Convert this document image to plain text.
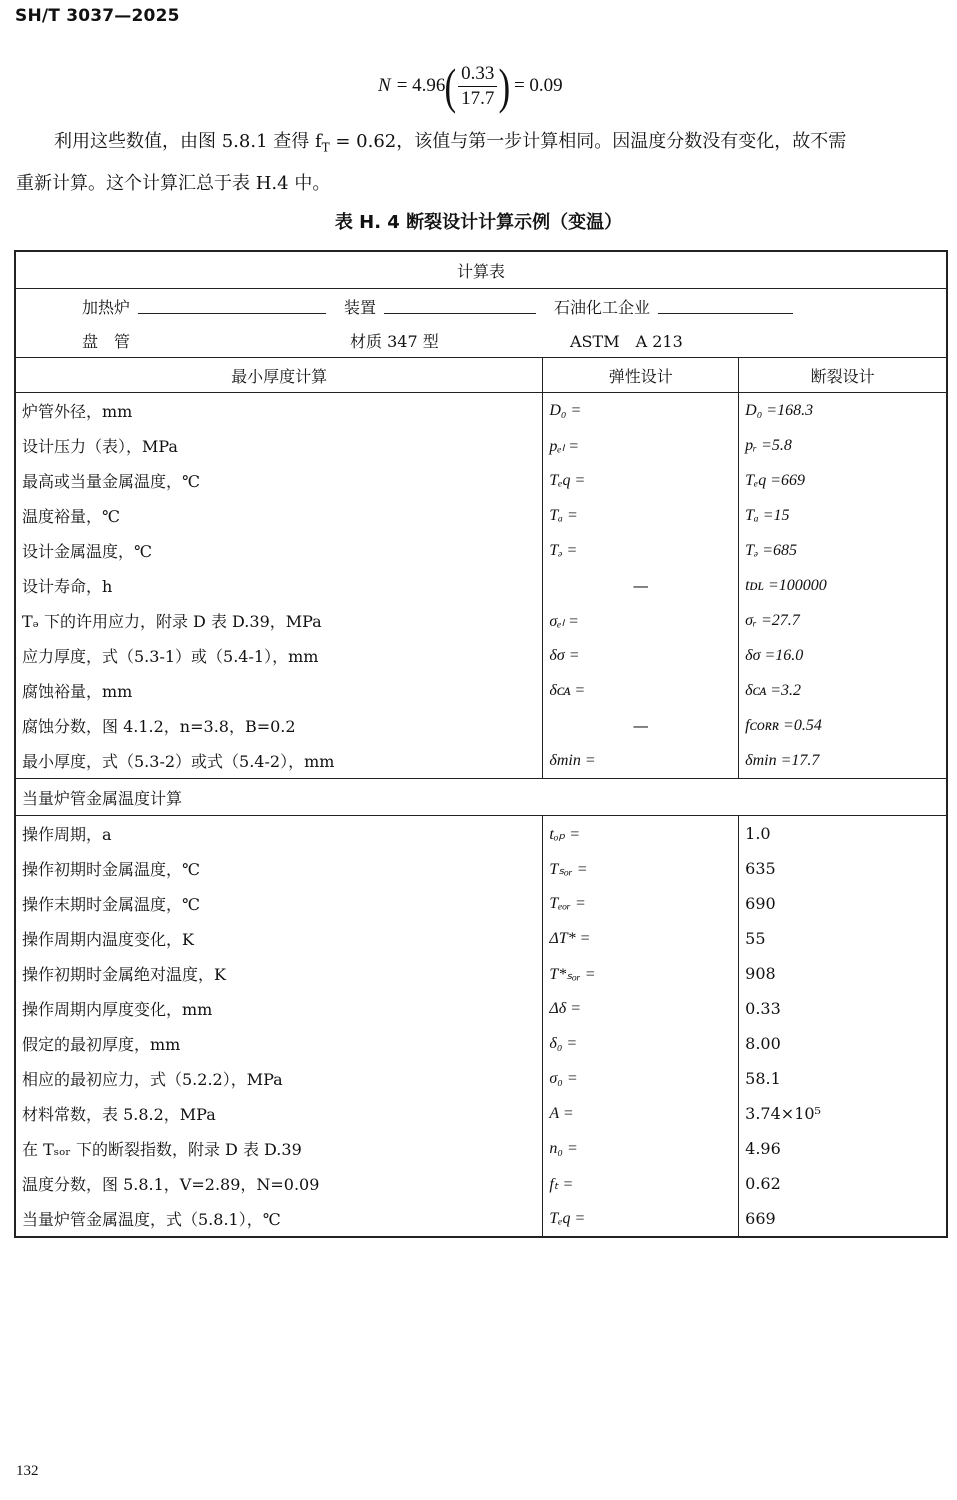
SH/T 3037—2025
N = 4.96 ( $\frac{0.33}{17.7}$ ) = 0.09

利用这些数值，由图 5.8.1 查得 $f_T = 0.62$，该值与第一步计算相同。因温度分数没有变化，故不需

重新计算。这个计算汇总于表 H.4 中。

表 H. 4 断裂设计计算示例（变温）
计算表		

加热炉 装置 石油化工企业		

盘　管 材质 347 型 ASTM　A 213		

最小厚度计算	弹性设计	断裂设计
炉管外径，mm	D₀ =	D₀ =168.3
设计压力（表），MPa	pₑₗ =	pᵣ =5.8
最高或当量金属温度，℃	Tₑq =	Tₑq =669
温度裕量，℃	Tₐ =	Tₐ =15
设计金属温度，℃	Tₔ =	Tₔ =685
设计寿命，h	—	tᴅʟ =100000
Tₔ 下的许用应力，附录 D 表 D.39，MPa	σₑₗ =	σᵣ =27.7
应力厚度，式（5.3-1）或（5.4-1），mm	δσ =	δσ =16.0
腐蚀裕量，mm	δᴄᴀ =	δᴄᴀ =3.2
腐蚀分数，图 4.1.2，n=3.8，B=0.2	—	fᴄᴏʀʀ =0.54
最小厚度，式（5.3-2）或式（5.4-2），mm	δmin =	δmin =17.7
当量炉管金属温度计算		
操作周期，a	tₒₚ =	1.0
操作初期时金属温度，℃	Tₛₒᵣ =	635
操作末期时金属温度，℃	Tₑₒᵣ =	690
操作周期内温度变化，K	ΔT* =	55
操作初期时金属绝对温度，K	T*ₛₒᵣ =	908
操作周期内厚度变化，mm	Δδ =	0.33
假定的最初厚度，mm	δ₀ =	8.00
相应的最初应力，式（5.2.2），MPa	σ₀ =	58.1
材料常数，表 5.8.2，MPa	A =	3.74×10⁵
在 Tₛₒᵣ 下的断裂指数，附录 D 表 D.39	n₀ =	4.96
温度分数，图 5.8.1，V=2.89，N=0.09	fₜ =	0.62
当量炉管金属温度，式（5.8.1），℃	Tₑq =	669
132
